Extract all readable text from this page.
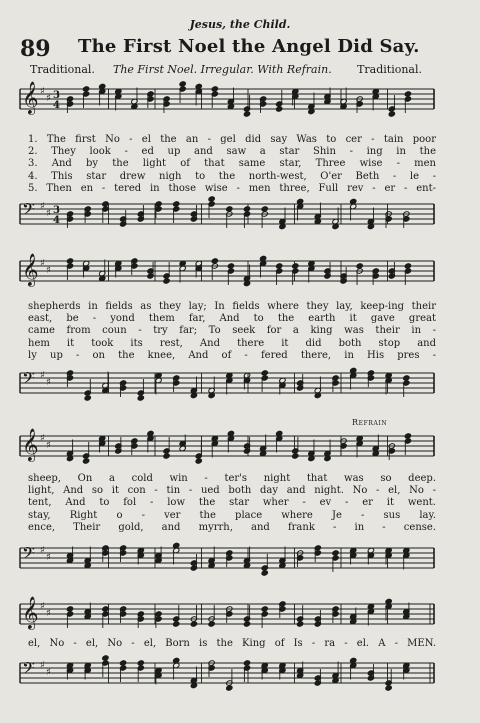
Jesus, the Child.
89 The First Noel the Angel Did Say.
Traditional. The First Noel. Irregular. With Refrain. Traditional.
𝄞 ♯
♯ 3
4
1. The first No - el the an - gel did say Was to cer - tain poor
2. They look - ed up and saw a star Shin - ing in the
3. And by the light of that same star, Three wise - men
4. This star drew nigh to the north-west, O'er Beth - le -
5. Then en - tered in those wise - men three, Full rev - er - ent-
𝄢 ♯
♯ 3
4
𝄞 ♯
♯
shepherds in fields as they lay; In fields where they lay, keep-ing their
east, be - yond them far, And to the earth it gave great
came from coun - try far; To seek for a king was their in -
hem it took its rest, And there it did both stop and
ly up - on the knee, And of - fered there, in His pres -
𝄢 ♯
♯
Refrain
𝄞 ♯
♯
sheep, On a cold win - ter's night that was so deep.
light, And so it con - tin - ued both day and night. No - el, No -
tent, And to fol - low the star wher - ev - er it went.
stay, Right o - ver the place where Je - sus lay.
ence, Their gold, and myrrh, and frank - in - cense.
𝄢 ♯
♯
𝄞 ♯
♯
el, No - el, No - el, Born is the King of Is - ra - el. A - MEN.
𝄢 ♯
♯
